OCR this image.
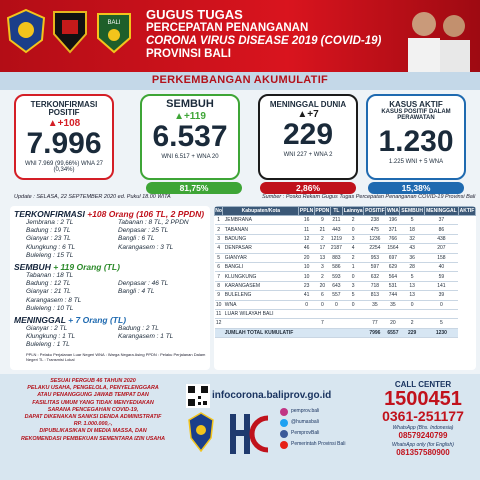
BALI
GUGUS TUGAS
PERCEPATAN PENANGANAN
CORONA VIRUS DISEASE 2019 (COVID-19)
PROVINSI BALI
PERKEMBANGAN AKUMULATIF
TERKONFIRMASI POSITIF
▲+108
7.996
WNI 7.969 (99,66%) WNA 27 (0,34%)
SEMBUH
▲+119
6.537
WNI 6.517 + WNA 20
MENINGGAL DUNIA
▲+7
229
WNI 227 + WNA 2
KASUS AKTIF
KASUS POSITIF DALAM PERAWATAN
1.230
1.225 WNI + 5 WNA
81,75%	2,86%	15,38%
Update : SELASA, 22 SEPTEMBER 2020 ed. Pukul 18.00 WITA	Sumber : Posko Rekam Gugus Tugas Percepatan Penanganan COVID-19 Provinsi Bali
TERKONFIRMASI +108 Orang (106 TL, 2 PPDN)
Jembrana : 2 TL	Tabanan : 8 TL, 2 PPDN
Badung : 19 TL	Denpasar : 25 TL
Gianyar : 23 TL	Bangli : 6 TL
Klungkung : 6 TL	Karangasem : 3 TL
Buleleng : 15 TL
SEMBUH + 119 Orang (TL)
Tabanan : 18 TL
Badung : 12 TL	Denpasar : 46 TL
Gianyar : 21 TL	Bangli : 4 TL
Karangasem : 8 TL
Buleleng : 10 TL
MENINGGAL + 7 Orang (TL)
Gianyar : 2 TL	Badung : 2 TL
Klungkung : 1 TL	Karangasem : 1 TL
Buleleng : 1 TL
PPLN : Pelaku Perjalanan Luar Negeri WNA : Warga Negara Asing PPDN : Pelaku Perjalanan Dalam Negeri TL : Transmisi Lokal
No	Kabupaten/Kota	PPLN	PPDN	TL	Lainnya	POSITIF	WNA	SEMBUH	MENINGGAL	AKTIF
1	JEMBRANA	16	9	211	2	238	196	5	37	
2	TABANAN	11	21	443	0	475	371	18	86	
3	BADUNG	12	2	1219	3	1236	766	32	438	
4	DENPASAR	46	17	2187	4	2254	1564	43	207	
5	GIANYAR	20	13	883	2	953	697	36	158	
6	BANGLI	10	3	586	1	597	629	28	40	
7	KLUNGKUNG	10	2	593	0	632	564	5	59	
8	KARANGASEM	23	20	643	3	718	531	13	141	
9	BULELENG	41	6	557	5	813	744	13	39	
10	WNA	0	0	0	0	35	35	0	0	
11	LUAR WILAYAH BALI									
12			7			77	20	2	5	
	JUMLAH TOTAL KUMULATIF					7996	6557	229	1230	
SESUAI PERGUB 46 TAHUN 2020
PELAKU USAHA, PENGELOLA, PENYELENGGARA
ATAU PENANGGUNG JAWAB TEMPAT DAN
FASILITAS UMUM YANG TIDAK MENYEDIAKAN
SARANA PENCEGAHAN COVID-19,
DAPAT DIKENAKAN SANKSI DENDA ADMINISTRATIF
RP. 1.000.000,-,
DIPUBLIKASIKAN DI MEDIA MASSA, DAN
REKOMENDASI PEMBEKUAN SEMENTARA IZIN USAHA
infocorona.baliprov.go.id
pemprov.bali
@humasbali
PemprovBali
Pemerintah Provinsi Bali
CALL CENTER
1500451
0361-251177
WhatsApp (Bhs. Indonesia)
08579240799
WhatsApp only (for English)
081357580900
